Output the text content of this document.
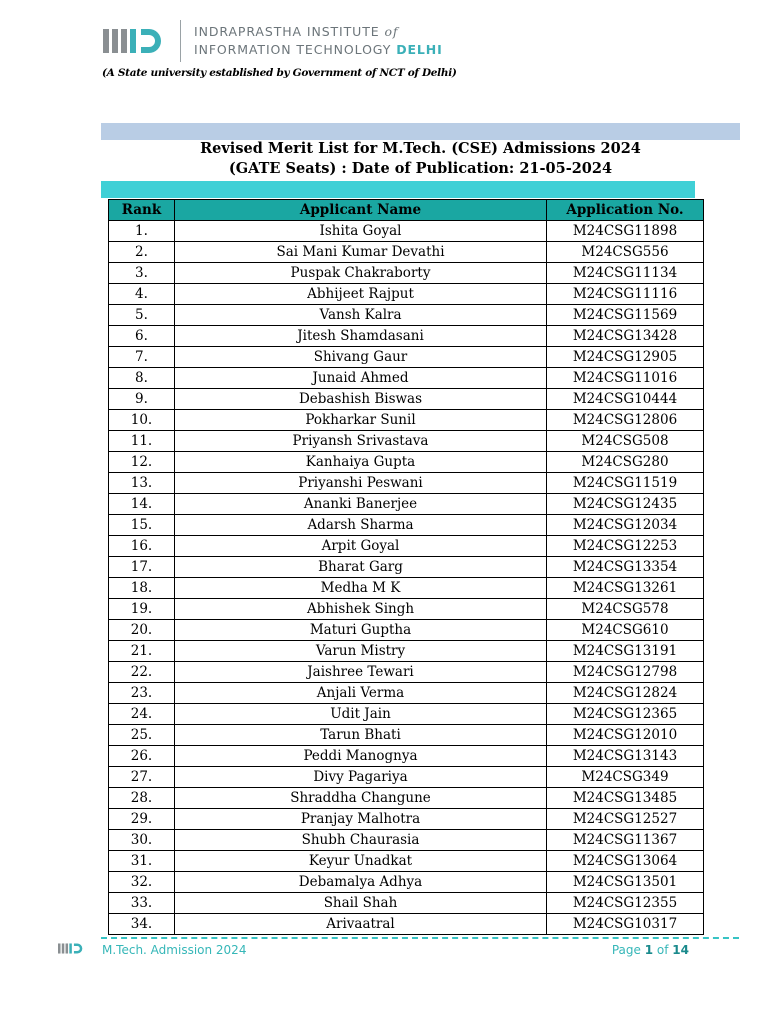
INDRAPRASTHA INSTITUTE of
INFORMATION TECHNOLOGY DELHI
(A State university established by Government of NCT of Delhi)
Revised Merit List for M.Tech. (CSE) Admissions 2024
(GATE Seats) : Date of Publication: 21-05-2024
Rank	Applicant Name	Application No.
1.	Ishita Goyal	M24CSG11898
2.	Sai Mani Kumar Devathi	M24CSG556
3.	Puspak Chakraborty	M24CSG11134
4.	Abhijeet Rajput	M24CSG11116
5.	Vansh Kalra	M24CSG11569
6.	Jitesh Shamdasani	M24CSG13428
7.	Shivang Gaur	M24CSG12905
8.	Junaid Ahmed	M24CSG11016
9.	Debashish Biswas	M24CSG10444
10.	Pokharkar Sunil	M24CSG12806
11.	Priyansh Srivastava	M24CSG508
12.	Kanhaiya Gupta	M24CSG280
13.	Priyanshi Peswani	M24CSG11519
14.	Ananki Banerjee	M24CSG12435
15.	Adarsh Sharma	M24CSG12034
16.	Arpit Goyal	M24CSG12253
17.	Bharat Garg	M24CSG13354
18.	Medha M K	M24CSG13261
19.	Abhishek Singh	M24CSG578
20.	Maturi Guptha	M24CSG610
21.	Varun Mistry	M24CSG13191
22.	Jaishree Tewari	M24CSG12798
23.	Anjali Verma	M24CSG12824
24.	Udit Jain	M24CSG12365
25.	Tarun Bhati	M24CSG12010
26.	Peddi Manognya	M24CSG13143
27.	Divy Pagariya	M24CSG349
28.	Shraddha Changune	M24CSG13485
29.	Pranjay Malhotra	M24CSG12527
30.	Shubh Chaurasia	M24CSG11367
31.	Keyur Unadkat	M24CSG13064
32.	Debamalya Adhya	M24CSG13501
33.	Shail Shah	M24CSG12355
34.	Arivaatral	M24CSG10317
M.Tech. Admission 2024	Page 1 of 14
